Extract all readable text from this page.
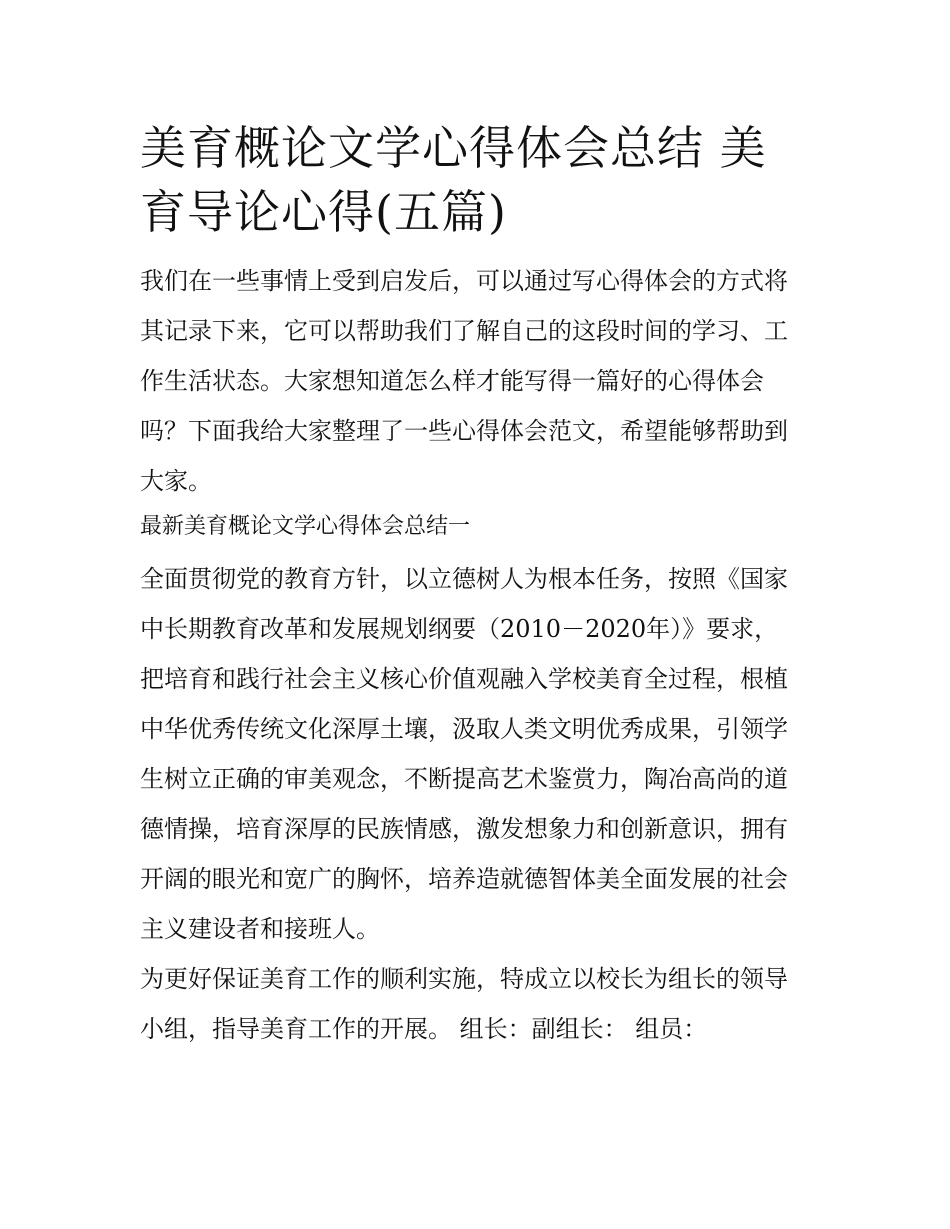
美育概论文学心得体会总结 美
育导论心得(五篇)

我们在一些事情上受到启发后，可以通过写心得体会的方式将
其记录下来，它可以帮助我们了解自己的这段时间的学习、工
作生活状态。大家想知道怎么样才能写得一篇好的心得体会
吗？下面我给大家整理了一些心得体会范文，希望能够帮助到
大家。

最新美育概论文学心得体会总结一

全面贯彻党的教育方针，以立德树人为根本任务，按照《国家
中长期教育改革和发展规划纲要（2010－2020年）》要求，

把培育和践行社会主义核心价值观融入学校美育全过程，根植
中华优秀传统文化深厚土壤，汲取人类文明优秀成果，引领学
生树立正确的审美观念，不断提高艺术鉴赏力，陶冶高尚的道
德情操，培育深厚的民族情感，激发想象力和创新意识，拥有
开阔的眼光和宽广的胸怀，培养造就德智体美全面发展的社会
主义建设者和接班人。

为更好保证美育工作的顺利实施，特成立以校长为组长的领导
小组，指导美育工作的开展。 组长：副组长： 组员：
